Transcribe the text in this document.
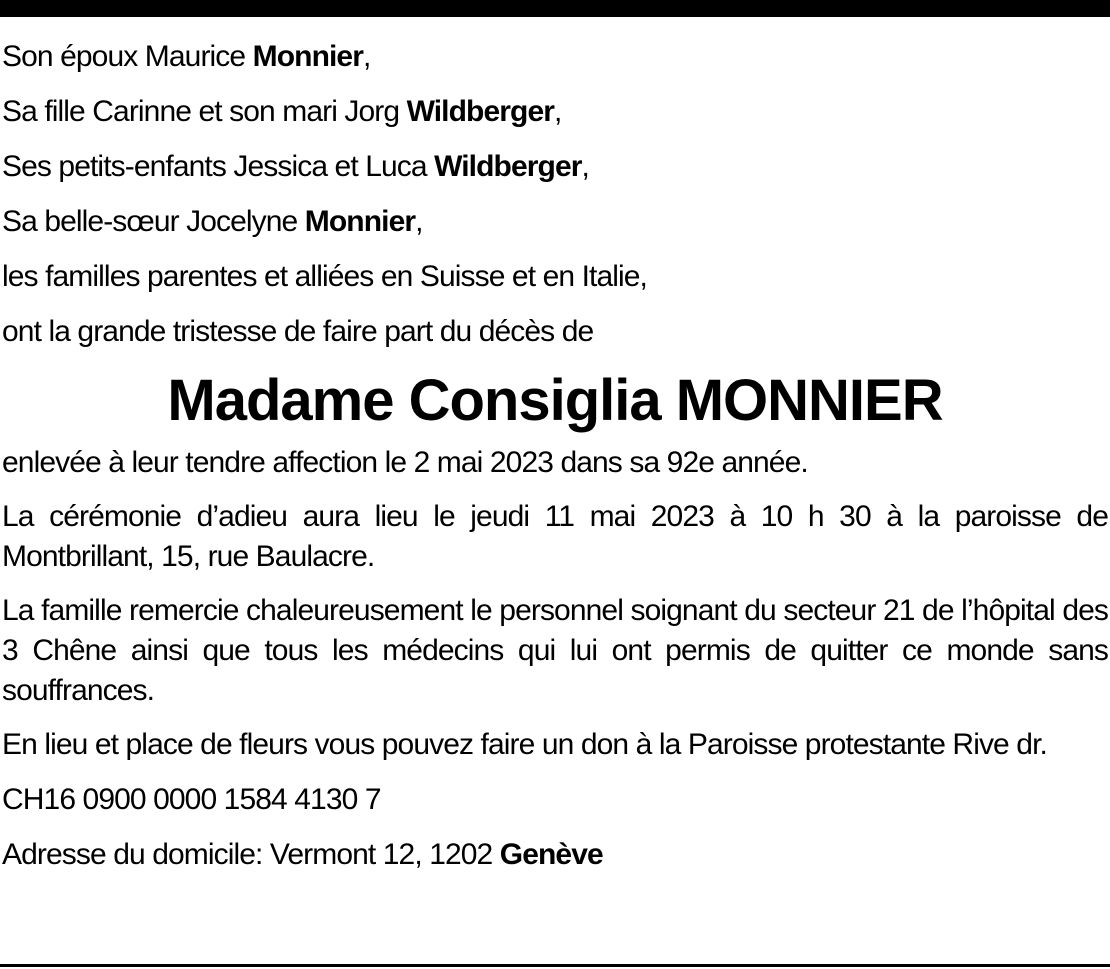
Son époux Maurice Monnier,
Sa fille Carinne et son mari Jorg Wildberger,
Ses petits-enfants Jessica et Luca Wildberger,
Sa belle-sœur Jocelyne Monnier,
les familles parentes et alliées en Suisse et en Italie,
ont la grande tristesse de faire part du décès de
Madame Consiglia MONNIER
enlevée à leur tendre affection le 2 mai 2023 dans sa 92e année.
La cérémonie d’adieu aura lieu le jeudi 11 mai 2023 à 10 h 30 à la paroisse de Montbrillant, 15, rue Baulacre.
La famille remercie chaleureusement le personnel soignant du secteur 21 de l’hôpital des 3 Chêne ainsi que tous les médecins qui lui ont permis de quitter ce monde sans souffrances.
En lieu et place de fleurs vous pouvez faire un don à la Paroisse protestante Rive dr.
CH16 0900 0000 1584 4130 7
Adresse du domicile: Vermont 12, 1202 Genève
